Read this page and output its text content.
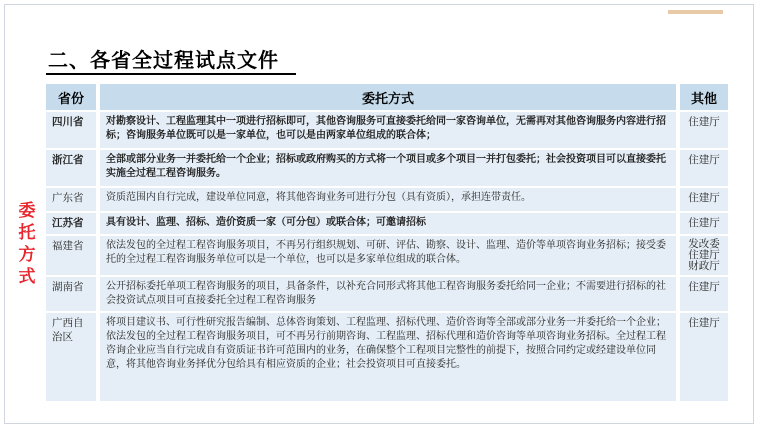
二、各省全过程试点文件
委
托
方
式
省份		委托方式		其他
四川省		对勘察设计、工程监理其中一项进行招标即可，其他咨询服务可直接委托给同一家咨询单位，无需再对其他咨询服务内容进行招标；咨询服务单位既可以是一家单位，也可以是由两家单位组成的联合体；		住建厅
浙江省		全部或部分业务一并委托给一个企业；招标或政府购买的方式将一个项目或多个项目一并打包委托；社会投资项目可以直接委托实施全过程工程咨询服务。		住建厅
广东省		资质范围内自行完成，建设单位同意，将其他咨询业务可进行分包（具有资质），承担连带责任。		住建厅
江苏省		具有设计、监理、招标、造价资质一家（可分包）或联合体；可邀请招标		住建厅
福建省		依法发包的全过程工程咨询服务项目，不再另行组织规划、可研、评估、勘察、设计、监理、造价等单项咨询业务招标；接受委托的全过程工程咨询服务单位可以是一个单位，也可以是多家单位组成的联合体。		发改委
住建厅
财政厅

湖南省		公开招标委托单项工程咨询服务的项目，具备条件，以补充合同形式将其他工程咨询服务委托给同一企业；不需要进行招标的社会投资试点项目可直接委托全过程工程咨询服务		住建厅
广西自治区		将项目建议书、可行性研究报告编制、总体咨询策划、工程监理、招标代理、造价咨询等全部或部分业务一并委托给一个企业；依法发包的全过程工程咨询服务项目，可不再另行前期咨询、工程监理、招标代理和造价咨询等单项咨询业务招标。全过程工程咨询企业应当自行完成自有资质证书许可范围内的业务，在确保整个工程项目完整性的前提下，按照合同约定或经建设单位同意，将其他咨询业务择优分包给具有相应资质的企业；社会投资项目可直接委托。		住建厅
